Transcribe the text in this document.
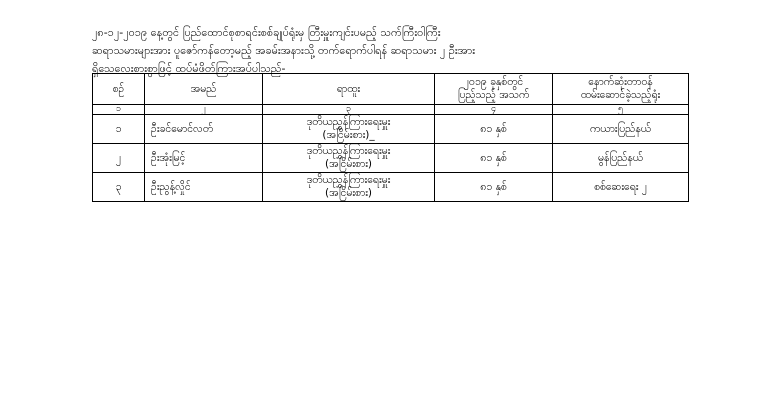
၂၈-၁၂-၂၀၁၉ နေ့တွင် ပြည်ထောင်စုစာရင်းစစ်ချုပ်ရုံးမှ တြီးမှူးကျင်းပမည့် သက်ကြီးဝါကြီး
ဆရာသမားများအား ပူဇော်ကန်တော့မည့် အခမ်းအနားသို့ တက်ရောက်ပါရန် ဆရာသမား ၂ ဦးအား
ရှိသေလေးစားစွာဖြင့် ထပ်မံဖိတ်ကြားအပ်ပါသည်-
စဉ်	အမည်	ရာထူး	၂၀၁၉ ခုနှစ်တွင်
ပြည့်သည့် အသက်	နောက်ဆုံးတာဝန်
ထမ်းဆောင်ခဲ့သည့်ရုံး

၁	၂	၃	၄	၅
၁	ဦးခင်မောင်လတ်	ဒုတိယညွှန်ကြားရေးမှူး
(အငြိမ်းစား)_	၈၁ နှစ်	ကယားပြည်နယ်
၂	ဦးအုံးမြင့်	ဒုတိယညွှန်ကြားရေးမှူး
(အငြိမ်းစား)	၈၁ နှစ်	မွန်ပြည်နယ်
၃	ဦးညွန့်လှိုင်	ဒုတိယညွှန်ကြားရေးမှူး
(အငြိမ်းစား)	၈၁ နှစ်	စစ်ဆေးရေး ၂
